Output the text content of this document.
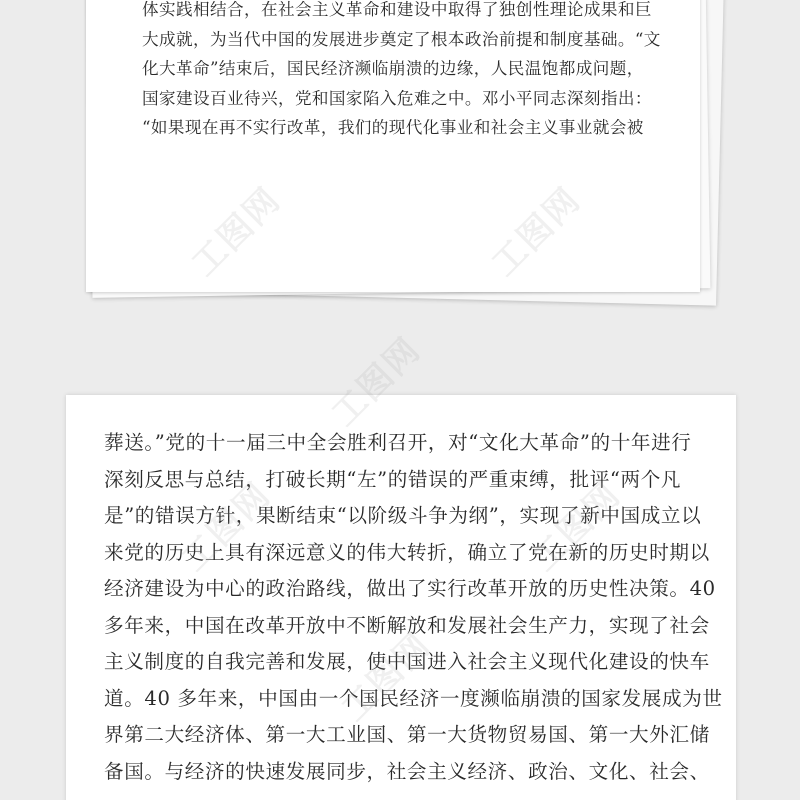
体实践相结合，在社会主义革命和建设中取得了独创性理论成果和巨
大成就，为当代中国的发展进步奠定了根本政治前提和制度基础。“文
化大革命”结束后，国民经济濒临崩溃的边缘，人民温饱都成问题，
国家建设百业待兴，党和国家陷入危难之中。邓小平同志深刻指出：
“如果现在再不实行改革，我们的现代化事业和社会主义事业就会被

葬送。”党的十一届三中全会胜利召开，对“文化大革命”的十年进行
深刻反思与总结，打破长期“左”的错误的严重束缚，批评“两个凡
是”的错误方针，果断结束“以阶级斗争为纲”，实现了新中国成立以
来党的历史上具有深远意义的伟大转折，确立了党在新的历史时期以
经济建设为中心的政治路线，做出了实行改革开放的历史性决策。40
多年来，中国在改革开放中不断解放和发展社会生产力，实现了社会
主义制度的自我完善和发展，使中国进入社会主义现代化建设的快车
道。40 多年来，中国由一个国民经济一度濒临崩溃的国家发展成为世
界第二大经济体、第一大工业国、第一大货物贸易国、第一大外汇储
备国。与经济的快速发展同步，社会主义经济、政治、文化、社会、

工图网
